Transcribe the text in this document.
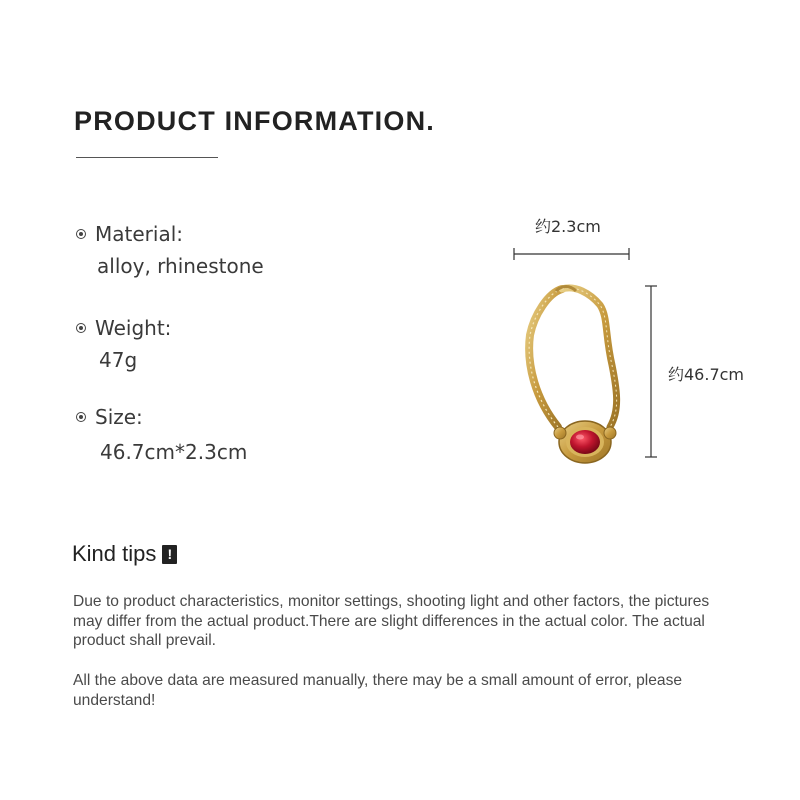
PRODUCT INFORMATION.
Material:
alloy, rhinestone
Weight:
47g
Size:
46.7cm*2.3cm
约2.3cm
约46.7cm
Kind tips !

Due to product characteristics, monitor settings, shooting light and other factors, the pictures may differ from the actual product.There are slight differences in the actual color. The actual product shall prevail.

All the above data are measured manually, there may be a small amount of error, please understand!
